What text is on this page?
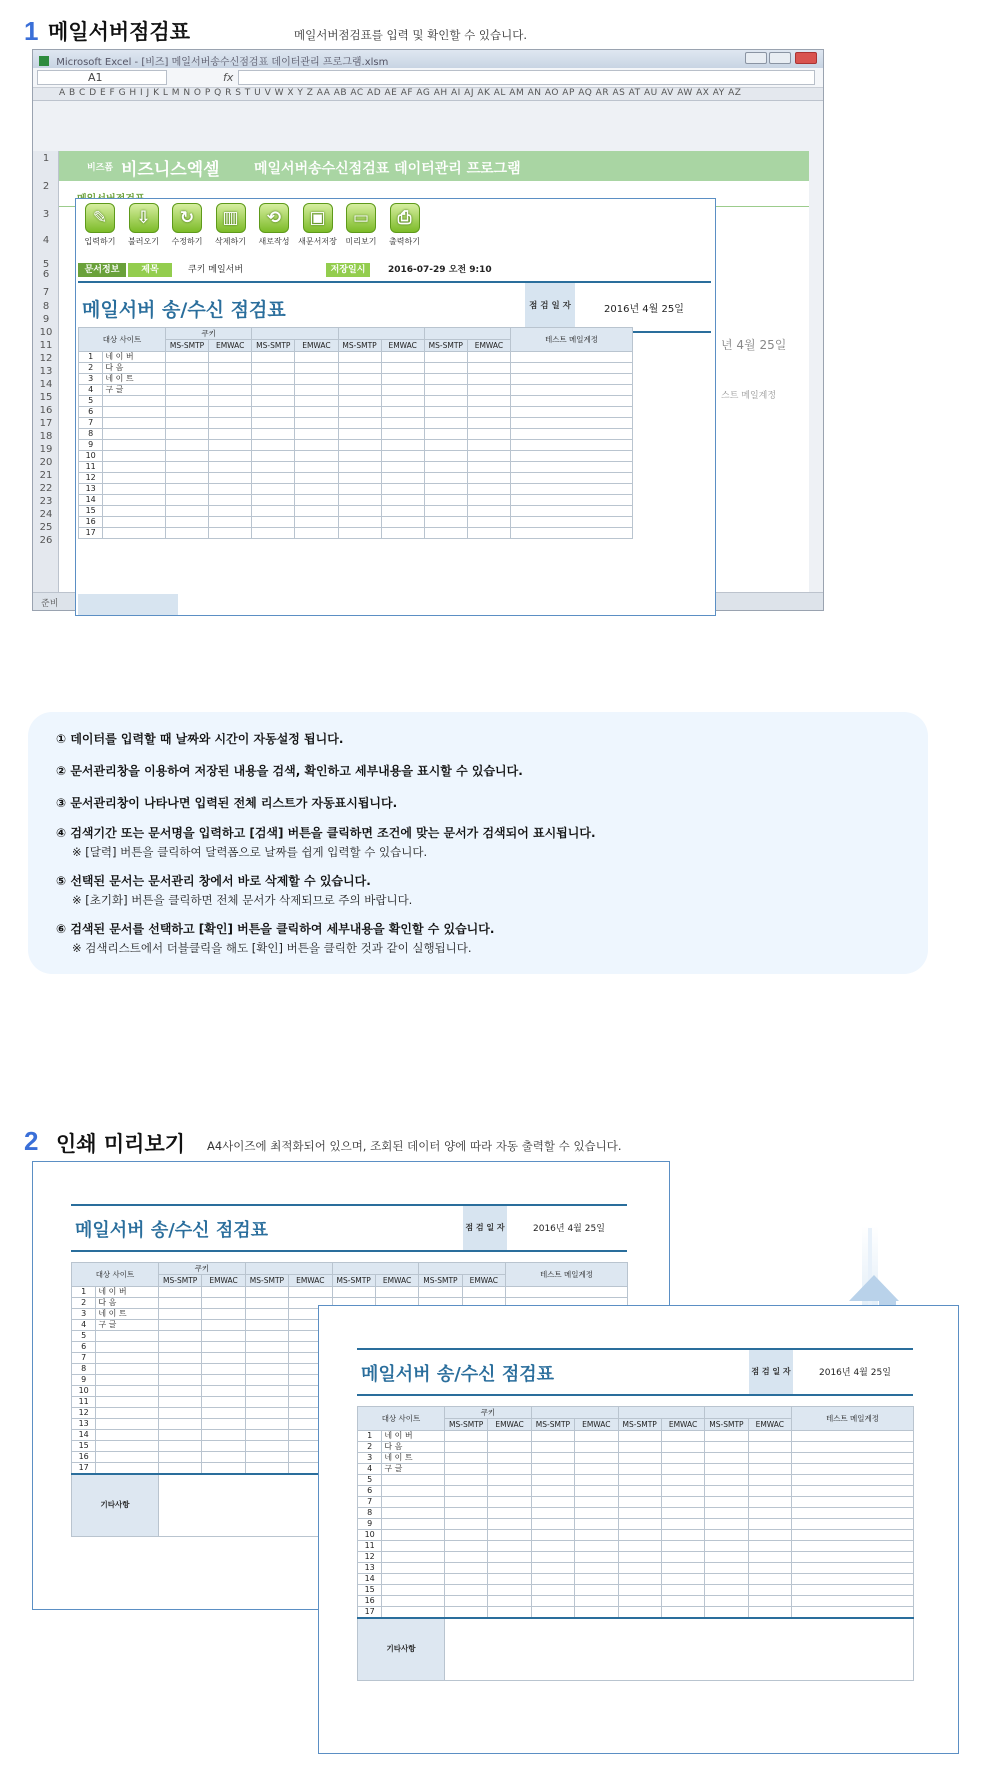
1 메일서버점검표	메일서버점검표를 입력 및 확인할 수 있습니다.
Microsoft Excel - [비즈] 메일서버송수신점검표 데이터관리 프로그램.xlsm
A1	fx
A B C D E F G H I J K L M N O P Q R S T U V W X Y Z AA AB AC AD AE AF AG AH AI AJ AK AL AM AN AO AP AQ AR AS AT AU AV AW AX AY AZ
1
2
3
4
5
6
7
8
9
10
11
12
13
14
15
16
17
18
19
20
21
22
23
24
25
26
비즈폼 비즈니스엑셀 메일서버송수신점검표 데이터관리 프로그램
년 4월 25일
스트 메일계정
준비
✎
입력하기
⇩
불러오기
↻
수정하기
▥
삭제하기
⟲
새로작성
▣
새문서저장
▭
미리보기
⎙
출력하기
문서정보	제목	쿠키 메일서버	저장일시	2016-07-29 오전 9:10
메일서버 송/수신 점검표	점 검 일 자	2016년 4월 25일
대상 사이트		쿠키								테스트 메일계정
		MS-SMTP	EMWAC	MS-SMTP	EMWAC	MS-SMTP	EMWAC	MS-SMTP	EMWAC	
1	네 이 버									
2	다 음									
3	네 이 트									
4	구 글									
5										
6										
7										
8										
9										
10										
11										
12										
13										
14										
15										
16										
17										
① 데이터를 입력할 때 날짜와 시간이 자동설정 됩니다.
② 문서관리창을 이용하여 저장된 내용을 검색, 확인하고 세부내용을 표시할 수 있습니다.
③ 문서관리창이 나타나면 입력된 전체 리스트가 자동표시됩니다.
④ 검색기간 또는 문서명을 입력하고 [검색] 버튼을 클릭하면 조건에 맞는 문서가 검색되어 표시됩니다.
※ [달력] 버튼을 클릭하여 달력폼으로 날짜를 쉽게 입력할 수 있습니다.
⑤ 선택된 문서는 문서관리 창에서 바로 삭제할 수 있습니다.
※ [초기화] 버튼을 클릭하면 전체 문서가 삭제되므로 주의 바랍니다.
⑥ 검색된 문서를 선택하고 [확인] 버튼을 클릭하여 세부내용을 확인할 수 있습니다.
※ 검색리스트에서 더블클릭을 해도 [확인] 버튼을 클릭한 것과 같이 실행됩니다.
2 인쇄 미리보기 A4사이즈에 최적화되어 있으며, 조회된 데이터 양에 따라 자동 출력할 수 있습니다.
메일서버 송/수신 점검표	점 검 일 자	2016년 4월 25일
대상 사이트		쿠키								테스트 메일계정
		MS-SMTP	EMWAC	MS-SMTP	EMWAC	MS-SMTP	EMWAC	MS-SMTP	EMWAC	
1	네 이 버									
2	다 음									
3	네 이 트									
4	구 글									
5										
6										
7										
8										
9										
10										
11										
12										
13										
14										
15										
16										
17										
기타사항										
메일서버 송/수신 점검표	점 검 일 자	2016년 4월 25일
대상 사이트		쿠키								테스트 메일계정
		MS-SMTP	EMWAC	MS-SMTP	EMWAC	MS-SMTP	EMWAC	MS-SMTP	EMWAC	
1	네 이 버									
2	다 음									
3	네 이 트									
4	구 글									
5										
6										
7										
8										
9										
10										
11										
12										
13										
14										
15										
16										
17										
기타사항										
